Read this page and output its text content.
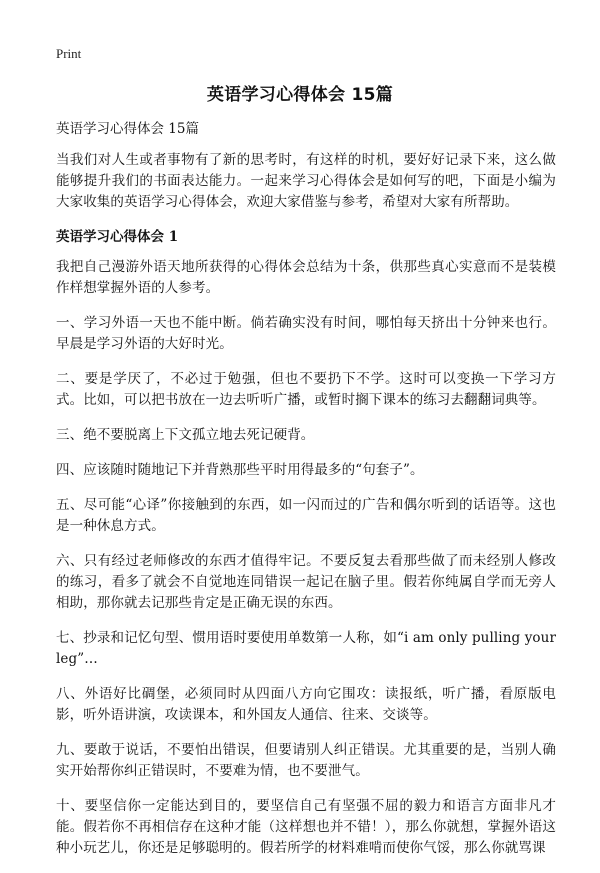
Print
英语学习心得体会 15篇
英语学习心得体会 15篇

当我们对人生或者事物有了新的思考时，有这样的时机，要好好记录下来，这么做能够提升我们的书面表达能力。一起来学习心得体会是如何写的吧，下面是小编为大家收集的英语学习心得体会，欢迎大家借鉴与参考，希望对大家有所帮助。

英语学习心得体会 1

我把自己漫游外语天地所获得的心得体会总结为十条，供那些真心实意而不是装模作样想掌握外语的人参考。

一、学习外语一天也不能中断。倘若确实没有时间，哪怕每天挤出十分钟来也行。早晨是学习外语的大好时光。

二、要是学厌了，不必过于勉强，但也不要扔下不学。这时可以变换一下学习方式。比如，可以把书放在一边去听听广播，或暂时搁下课本的练习去翻翻词典等。

三、绝不要脱离上下文孤立地去死记硬背。

四、应该随时随地记下并背熟那些平时用得最多的“句套子”。

五、尽可能“心译”你接触到的东西，如一闪而过的广告和偶尔听到的话语等。这也是一种休息方式。

六、只有经过老师修改的东西才值得牢记。不要反复去看那些做了而未经别人修改的练习，看多了就会不自觉地连同错误一起记在脑子里。假若你纯属自学而无旁人相助，那你就去记那些肯定是正确无误的东西。

七、抄录和记忆句型、惯用语时要使用单数第一人称，如“i am only pulling your leg”…

八、外语好比碉堡，必须同时从四面八方向它围攻：读报纸，听广播，看原版电影，听外语讲演，攻读课本，和外国友人通信、往来、交谈等。

九、要敢于说话，不要怕出错误，但要请别人纠正错误。尤其重要的是，当别人确实开始帮你纠正错误时，不要难为情，也不要泄气。

十、要坚信你一定能达到目的，要坚信自己有坚强不屈的毅力和语言方面非凡才能。假若你不再相信存在这种才能（这样想也并不错！），那么你就想，掌握外语这种小玩艺儿，你还是足够聪明的。假若所学的材料难啃而使你气馁，那么你就骂课
